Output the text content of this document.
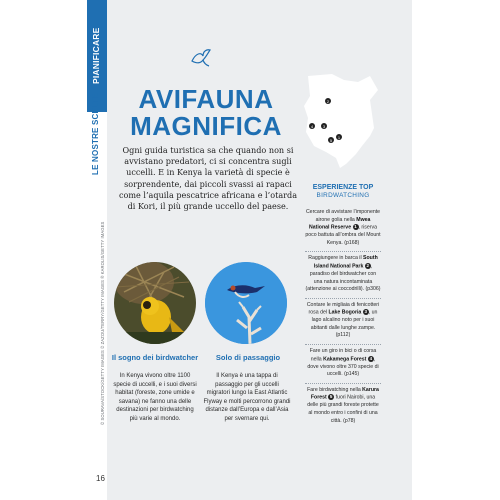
PIANIFICARE
LE NOSTRE SCELTE
© SOURAVA/STOCK/GETTY IMAGES © ZAZOU/TERRY/GETTY IMAGES ® KAROLIS/GETTY IMAGES
16
AVIFAUNA
MAGNIFICA
Ogni guida turistica sa che quando non si avvistano predatori, ci si concentra sugli uccelli. E in Kenya la varietà di specie è sorprendente, dai piccoli svassi ai rapaci come l’aquila pescatrice africana e l’otarda di Kori, il più grande uccello del paese.
Il sogno dei birdwatcher
In Kenya vivono oltre 1100 specie di uccelli, e i suoi diversi habitat (foreste, zone umide e savana) ne fanno una delle destinazioni per birdwatching più varie al mondo.
Solo di passaggio
Il Kenya è una tappa di passaggio per gli uccelli migratori lungo la East Atlantic Flyway e molti percorrono grandi distanze dall’Europa e dall’Asia per svernare qui.
2
4 3
1
5
ESPERIENZE TOP
BIRDWATCHING
Cercare di avvistare l’imponente airone golia nella Mwea National Reserve 1 , riserva poco battuta all’ombra del Mount Kenya. (p168)
Raggiungere in barca il South Island National Park 2 , paradiso del birdwatcher con una natura incontaminata (attenzione ai coccodrilli). (p306)
Contare le migliaia di fenicotteri rosa del Lake Bogoria 3 , un lago alcalino noto per i suoi abitanti dalle lunghe zampe. (p112)
Fare un giro in bici o di corsa nella Kakamega Forest 4 , dove vivono oltre 370 specie di uccelli. (p145)
Fare birdwatching nella Karura Forest 5 fuori Nairobi, una delle più grandi foreste protette al mondo entro i confini di una città. (p78)
